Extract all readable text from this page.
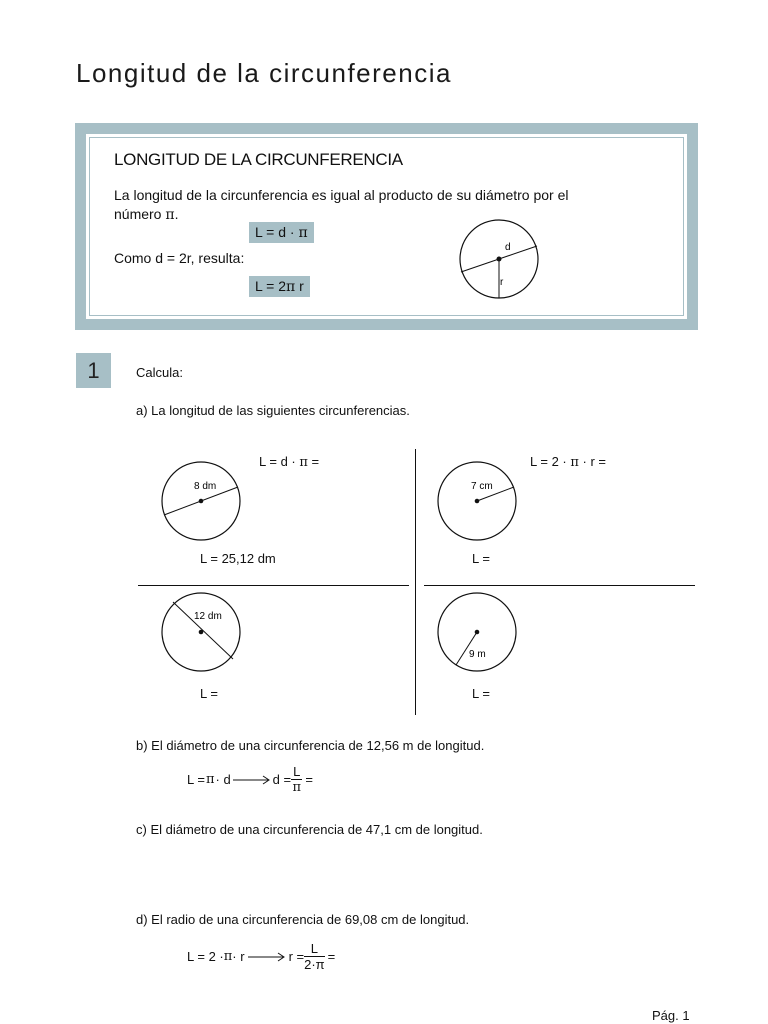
Longitud de la circunferencia
LONGITUD DE LA CIRCUNFERENCIA
La longitud de la circunferencia es igual al producto de su diámetro por el
número π.
L = d · π
Como d = 2r, resulta:
L = 2π r
d
r
1	Calcula:
a) La longitud de las siguientes circunferencias.
L = d · π =	L = 2 · π · r =
8 dm
L = 25,12 dm
7 cm
L =
12 dm
L =
9 m
L =
b) El diámetro de una circunferencia de 12,56 m de longitud.
L = π · d	$d = \frac{L}{\pi}$ =
c) El diámetro de una circunferencia de 47,1 cm de longitud.
d) El radio de una circunferencia de 69,08 cm de longitud.
L = 2 · π · r	$r = \frac{L}{2\cdot\pi}$ =
Pág. 1
